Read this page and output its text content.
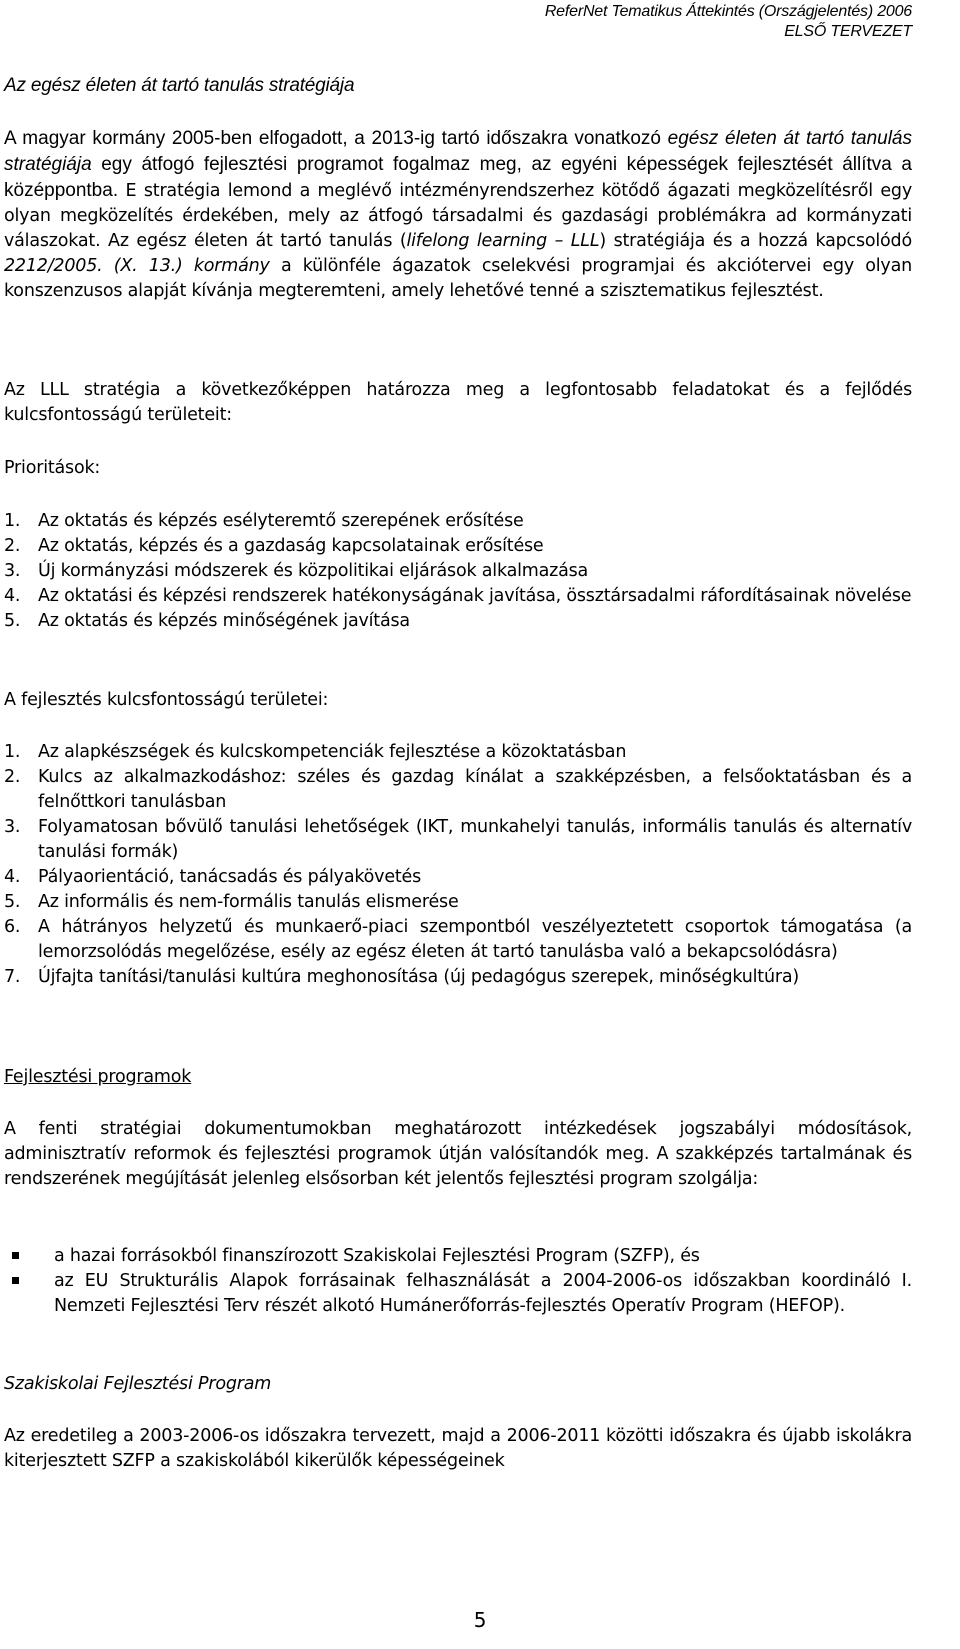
ReferNet Tematikus Áttekintés (Országjelentés) 2006
ELSŐ TERVEZET
Az egész életen át tartó tanulás stratégiája
A magyar kormány 2005-ben elfogadott, a 2013-ig tartó időszakra vonatkozó egész életen át tartó tanulás stratégiája egy átfogó fejlesztési programot fogalmaz meg, az egyéni képességek fejlesztését állítva a középpontba. E stratégia lemond a meglévő intézményrendszerhez kötődő ágazati megközelítésről egy olyan megközelítés érdekében, mely az átfogó társadalmi és gazdasági problémákra ad kormányzati válaszokat. Az egész életen át tartó tanulás (lifelong learning – LLL) stratégiája és a hozzá kapcsolódó 2212/2005. (X. 13.) kormány a különféle ágazatok cselekvési programjai és akciótervei egy olyan konszenzusos alapját kívánja megteremteni, amely lehetővé tenné a szisztematikus fejlesztést.
Az LLL stratégia a következőképpen határozza meg a legfontosabb feladatokat és a fejlődés kulcsfontosságú területeit:
Prioritások:
1. Az oktatás és képzés esélyteremtő szerepének erősítése
2. Az oktatás, képzés és a gazdaság kapcsolatainak erősítése
3. Új kormányzási módszerek és közpolitikai eljárások alkalmazása
4. Az oktatási és képzési rendszerek hatékonyságának javítása, össztársadalmi ráfordításainak növelése
5. Az oktatás és képzés minőségének javítása
A fejlesztés kulcsfontosságú területei:
1. Az alapkészségek és kulcskompetenciák fejlesztése a közoktatásban
2. Kulcs az alkalmazkodáshoz: széles és gazdag kínálat a szakképzésben, a felsőoktatásban és a felnőttkori tanulásban
3. Folyamatosan bővülő tanulási lehetőségek (IKT, munkahelyi tanulás, informális tanulás és alternatív tanulási formák)
4. Pályaorientáció, tanácsadás és pályakövetés
5. Az informális és nem-formális tanulás elismerése
6. A hátrányos helyzetű és munkaerő-piaci szempontból veszélyeztetett csoportok támogatása (a lemorzsolódás megelőzése, esély az egész életen át tartó tanulásba való a bekapcsolódásra)
7. Újfajta tanítási/tanulási kultúra meghonosítása (új pedagógus szerepek, minőségkultúra)
Fejlesztési programok
A fenti stratégiai dokumentumokban meghatározott intézkedések jogszabályi módosítások, adminisztratív reformok és fejlesztési programok útján valósítandók meg. A szakképzés tartalmának és rendszerének megújítását jelenleg elsősorban két jelentős fejlesztési program szolgálja:
a hazai forrásokból finanszírozott Szakiskolai Fejlesztési Program (SZFP), és
az EU Strukturális Alapok forrásainak felhasználását a 2004-2006-os időszakban koordináló I. Nemzeti Fejlesztési Terv részét alkotó Humánerőforrás-fejlesztés Operatív Program (HEFOP).
Szakiskolai Fejlesztési Program
Az eredetileg a 2003-2006-os időszakra tervezett, majd a 2006-2011 közötti időszakra és újabb iskolákra kiterjesztett SZFP a szakiskolából kikerülők képességeinek
5
